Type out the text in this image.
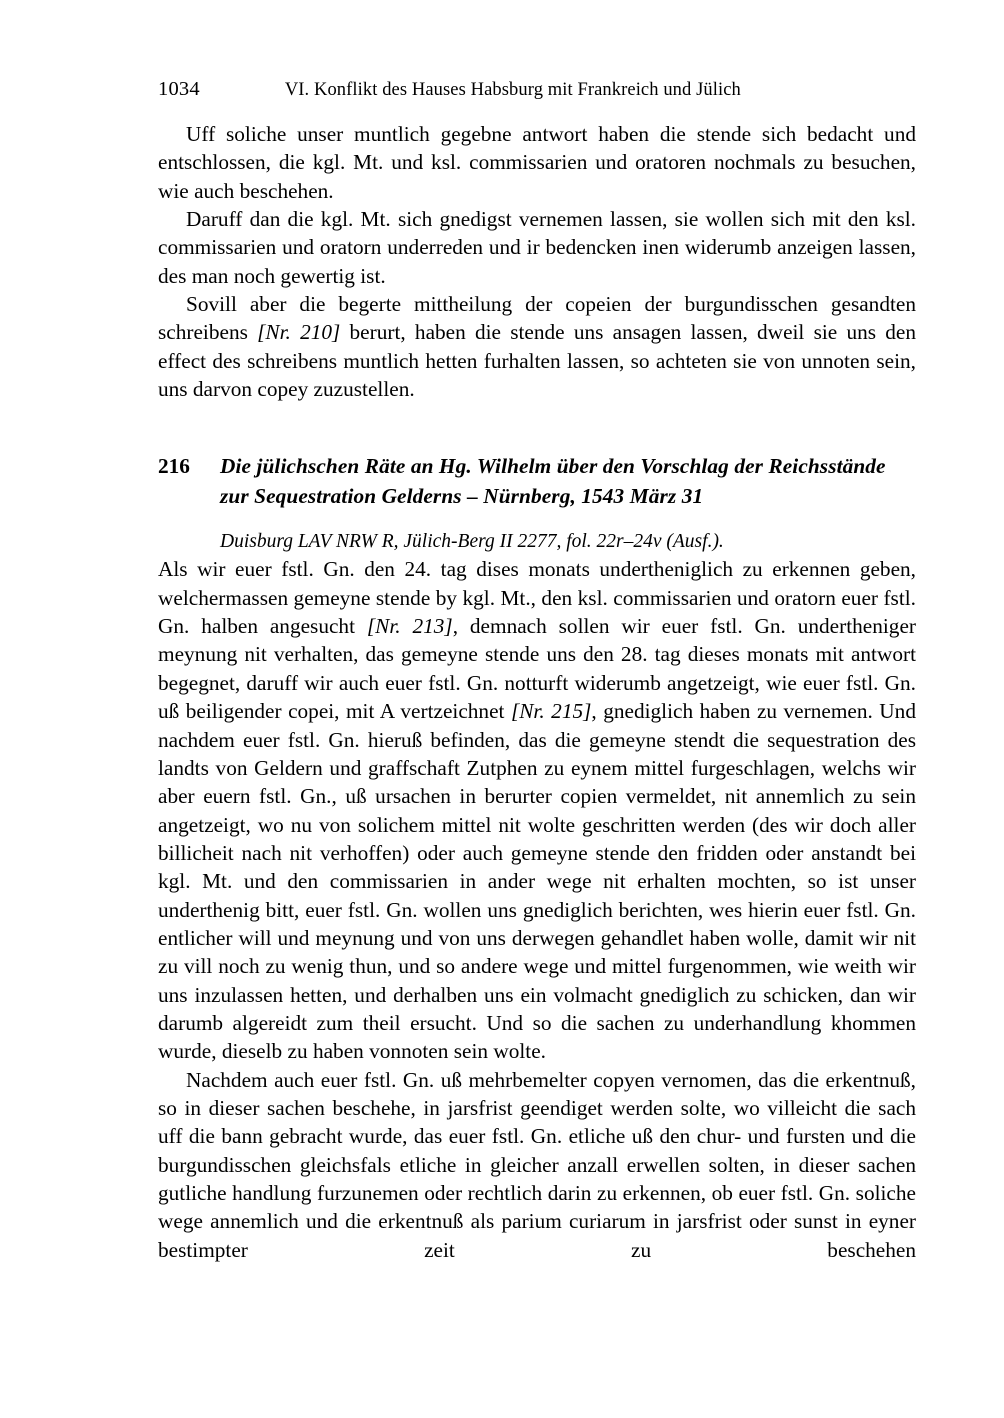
1034	VI. Konflikt des Hauses Habsburg mit Frankreich und Jülich

Uff soliche unser muntlich gegebne antwort haben die stende sich bedacht und entschlossen, die kgl. Mt. und ksl. commissarien und oratoren nochmals zu besuchen, wie auch beschehen.

Daruff dan die kgl. Mt. sich gnedigst vernemen lassen, sie wollen sich mit den ksl. commissarien und oratorn underreden und ir bedencken inen widerumb anzeigen lassen, des man noch gewertig ist.

Sovill aber die begerte mittheilung der copeien der burgundisschen gesandten schreibens [Nr. 210] berurt, haben die stende uns ansagen lassen, dweil sie uns den effect des schreibens muntlich hetten furhalten lassen, so achteten sie von unnoten sein, uns darvon copey zuzustellen.

216 Die jülichschen Räte an Hg. Wilhelm über den Vorschlag der Reichsstände zur Sequestration Gelderns – Nürnberg, 1543 März 31
Duisburg LAV NRW R, Jülich-Berg II 2277, fol. 22r–24v (Ausf.).

Als wir euer fstl. Gn. den 24. tag dises monats underthenig​lich zu erkennen geben, welchermassen gemeyne stende by kgl. Mt., den ksl. commissarien und oratorn euer fstl. Gn. halben angesucht [Nr. 213], demnach sollen wir euer fstl. Gn. undertheniger meynung nit verhalten, das gemeyne stende uns den 28. tag dieses monats mit antwort begegnet, daruff wir auch euer fstl. Gn. notturft widerumb angetzeigt, wie euer fstl. Gn. uß beiligender copei, mit A vertzeichnet [Nr. 215], gnediglich haben zu vernemen. Und nachdem euer fstl. Gn. hieruß befinden, das die gemeyne stendt die sequestration des landts von Geldern und graffschaft Zutphen zu eynem mittel furgeschlagen, welchs wir aber euern fstl. Gn., uß ursachen in berurter copien vermeldet, nit annemlich zu sein angetzeigt, wo nu von solichem mittel nit wolte geschritten werden (des wir doch aller billicheit nach nit verhoffen) oder auch gemeyne stende den fridden oder anstandt bei kgl. Mt. und den commissarien in ander wege nit erhalten mochten, so ist unser underthenig bitt, euer fstl. Gn. wollen uns gnediglich berichten, wes hierin euer fstl. Gn. entlicher will und meynung und von uns derwegen gehandlet haben wolle, damit wir nit zu vill noch zu wenig thun, und so andere wege und mittel furgenommen, wie weith wir uns inzulassen hetten, und derhalben uns ein volmacht gnediglich zu schicken, dan wir darumb algereidt zum theil ersucht. Und so die sachen zu underhandlung khommen wurde, dieselb zu haben vonnoten sein wolte.

Nachdem auch euer fstl. Gn. uß mehrbemelter copyen vernomen, das die erkentnuß, so in dieser sachen beschehe, in jarsfrist geendiget werden solte, wo villeicht die sach uff die bann gebracht wurde, das euer fstl. Gn. etliche uß den chur- und fursten und die burgundisschen gleichsfals etliche in gleicher anzall erwellen solten, in dieser sachen gutliche handlung furzunemen oder rechtlich darin zu erkennen, ob euer fstl. Gn. soliche wege annemlich und die erkentnuß als parium curiarum in jarsfrist oder sunst in eyner bestimpter zeit zu beschehen
